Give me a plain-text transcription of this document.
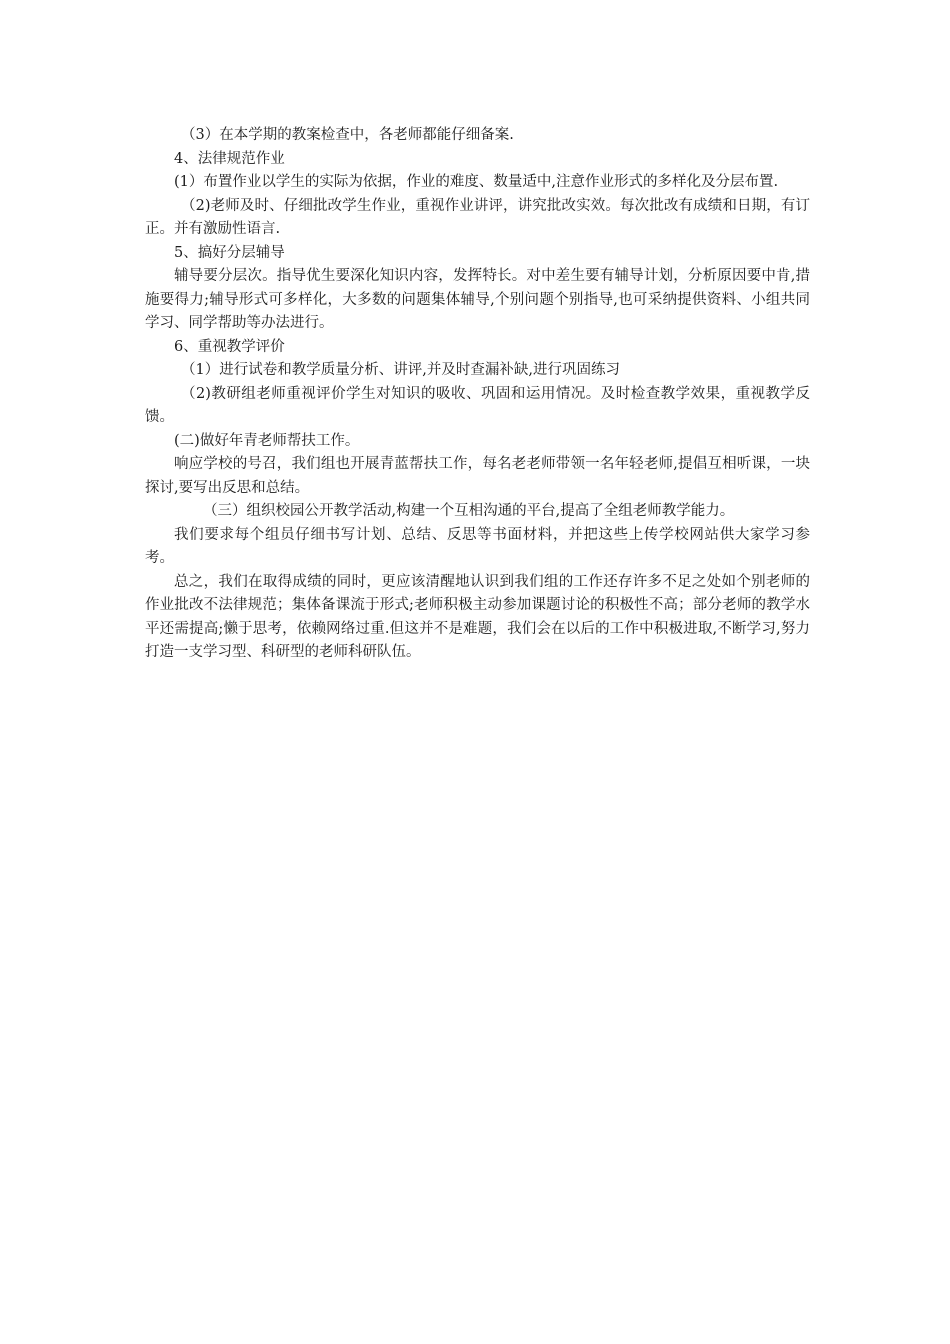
（3）在本学期的教案检查中，各老师都能仔细备案.

4、法律规范作业

(1）布置作业以学生的实际为依据，作业的难度、数量适中,注意作业形式的多样化及分层布置.

（2)老师及时、仔细批改学生作业，重视作业讲评，讲究批改实效。每次批改有成绩和日期，有订正。并有激励性语言.

5、搞好分层辅导

辅导要分层次。指导优生要深化知识内容，发挥特长。对中差生要有辅导计划，分析原因要中肯,措施要得力;辅导形式可多样化，大多数的问题集体辅导,个别问题个别指导,也可采纳提供资料、小组共同学习、同学帮助等办法进行。

6、重视教学评价

（1）进行试卷和教学质量分析、讲评,并及时查漏补缺,进行巩固练习

（2)教研组老师重视评价学生对知识的吸收、巩固和运用情况。及时检查教学效果，重视教学反馈。

(二)做好年青老师帮扶工作。

响应学校的号召，我们组也开展青蓝帮扶工作，每名老老师带领一名年轻老师,提倡互相听课，一块探讨,要写出反思和总结。

（三）组织校园公开教学活动,构建一个互相沟通的平台,提高了全组老师教学能力。

我们要求每个组员仔细书写计划、总结、反思等书面材料，并把这些上传学校网站供大家学习参考。

总之，我们在取得成绩的同时，更应该清醒地认识到我们组的工作还存许多不足之处如个别老师的作业批改不法律规范；集体备课流于形式;老师积极主动参加课题讨论的积极性不高；部分老师的教学水平还需提高;懒于思考，依赖网络过重.但这并不是难题，我们会在以后的工作中积极进取,不断学习,努力打造一支学习型、科研型的老师科研队伍。
